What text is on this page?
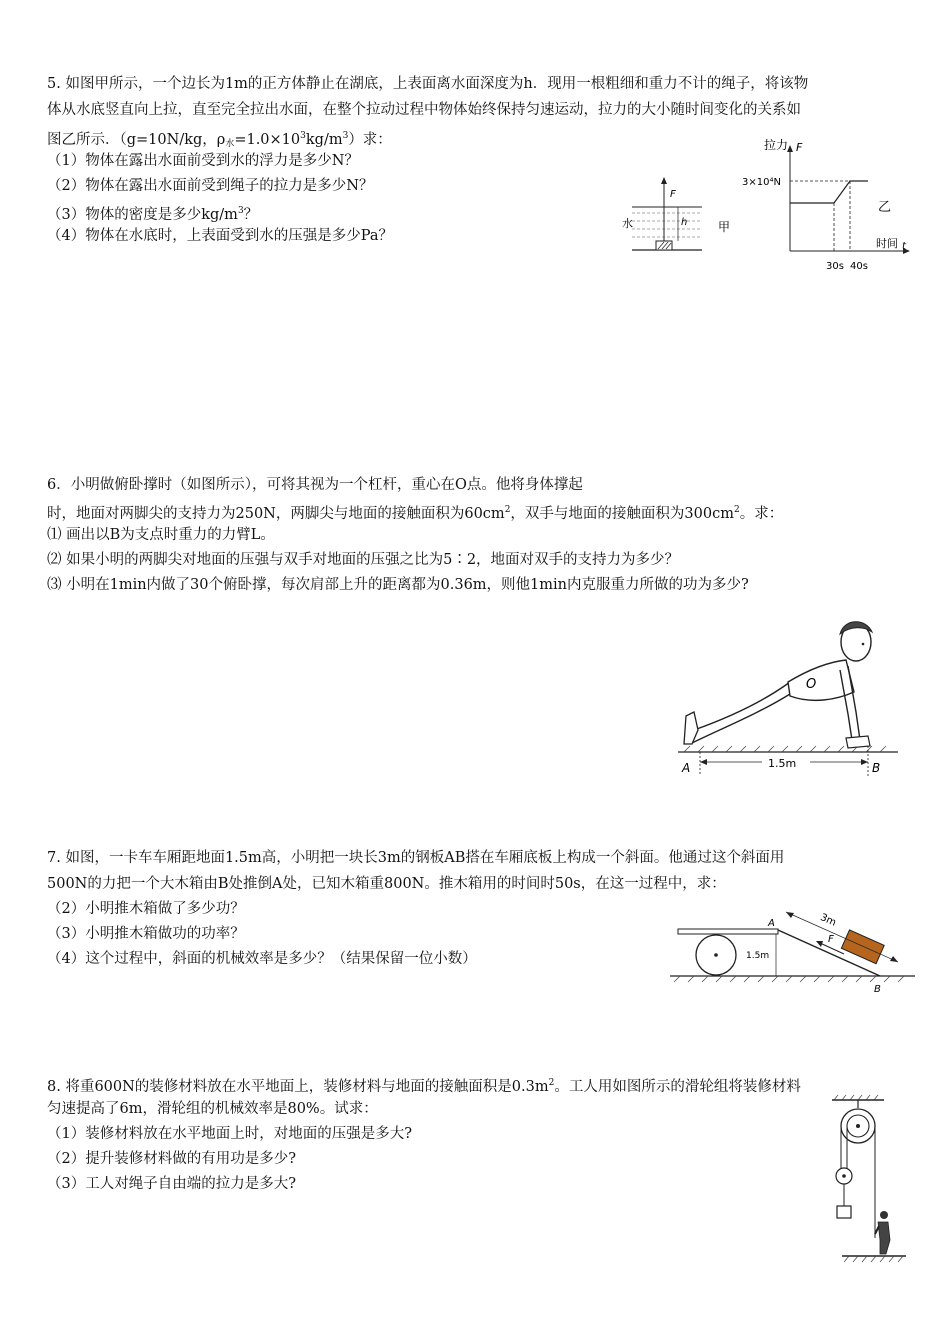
5. 如图甲所示，一个边长为1m的正方体静止在湖底，上表面离水面深度为h．现用一根粗细和重力不计的绳子，将该物
体从水底竖直向上拉，直至完全拉出水面，在整个拉动过程中物体始终保持匀速运动，拉力的大小随时间变化的关系如
图乙所示．（g=10N/kg，$\rho_水=1.0\times 10^3kg/m^3$）求：
（1）物体在露出水面前受到水的浮力是多少N？
（2）物体在露出水面前受到绳子的拉力是多少N？
（3）物体的密度是多少$kg/m^3$？
（4）物体在水底时，上表面受到水的压强是多少Pa？
F
h
水	甲
拉力 F
3×10⁴N
30s 40s
时间 t
乙
6．小明做俯卧撑时（如图所示），可将其视为一个杠杆，重心在O点。他将身体撑起
时，地面对两脚尖的支持力为250N，两脚尖与地面的接触面积为$60cm^2$，双手与地面的接触面积为$300cm^2$。求：
⑴ 画出以B为支点时重力的力臂L。
⑵ 如果小明的两脚尖对地面的压强与双手对地面的压强之比为5∶2，地面对双手的支持力为多少？
⑶ 小明在1min内做了30个俯卧撑，每次肩部上升的距离都为0.36m，则他1min内克服重力所做的功为多少?
O
1.5m
A	B
7. 如图，一卡车车厢距地面1.5m高，小明把一块长3m的钢板AB搭在车厢底板上构成一个斜面。他通过这个斜面用
500N的力把一个大木箱由B处推倒A处，已知木箱重800N。推木箱用的时间时50s，在这一过程中，求：
（2）小明推木箱做了多少功？
（3）小明推木箱做功的功率？
（4）这个过程中，斜面的机械效率是多少？（结果保留一位小数）	1.5m
F
3m
A
B
8. 将重600N的装修材料放在水平地面上，装修材料与地面的接触面积是$0.3m^2$。工人用如图所示的滑轮组将装修材料
匀速提高了6m，滑轮组的机械效率是80%。试求：
（1）装修材料放在水平地面上时，对地面的压强是多大?
（2）提升装修材料做的有用功是多少?
（3）工人对绳子自由端的拉力是多大?
